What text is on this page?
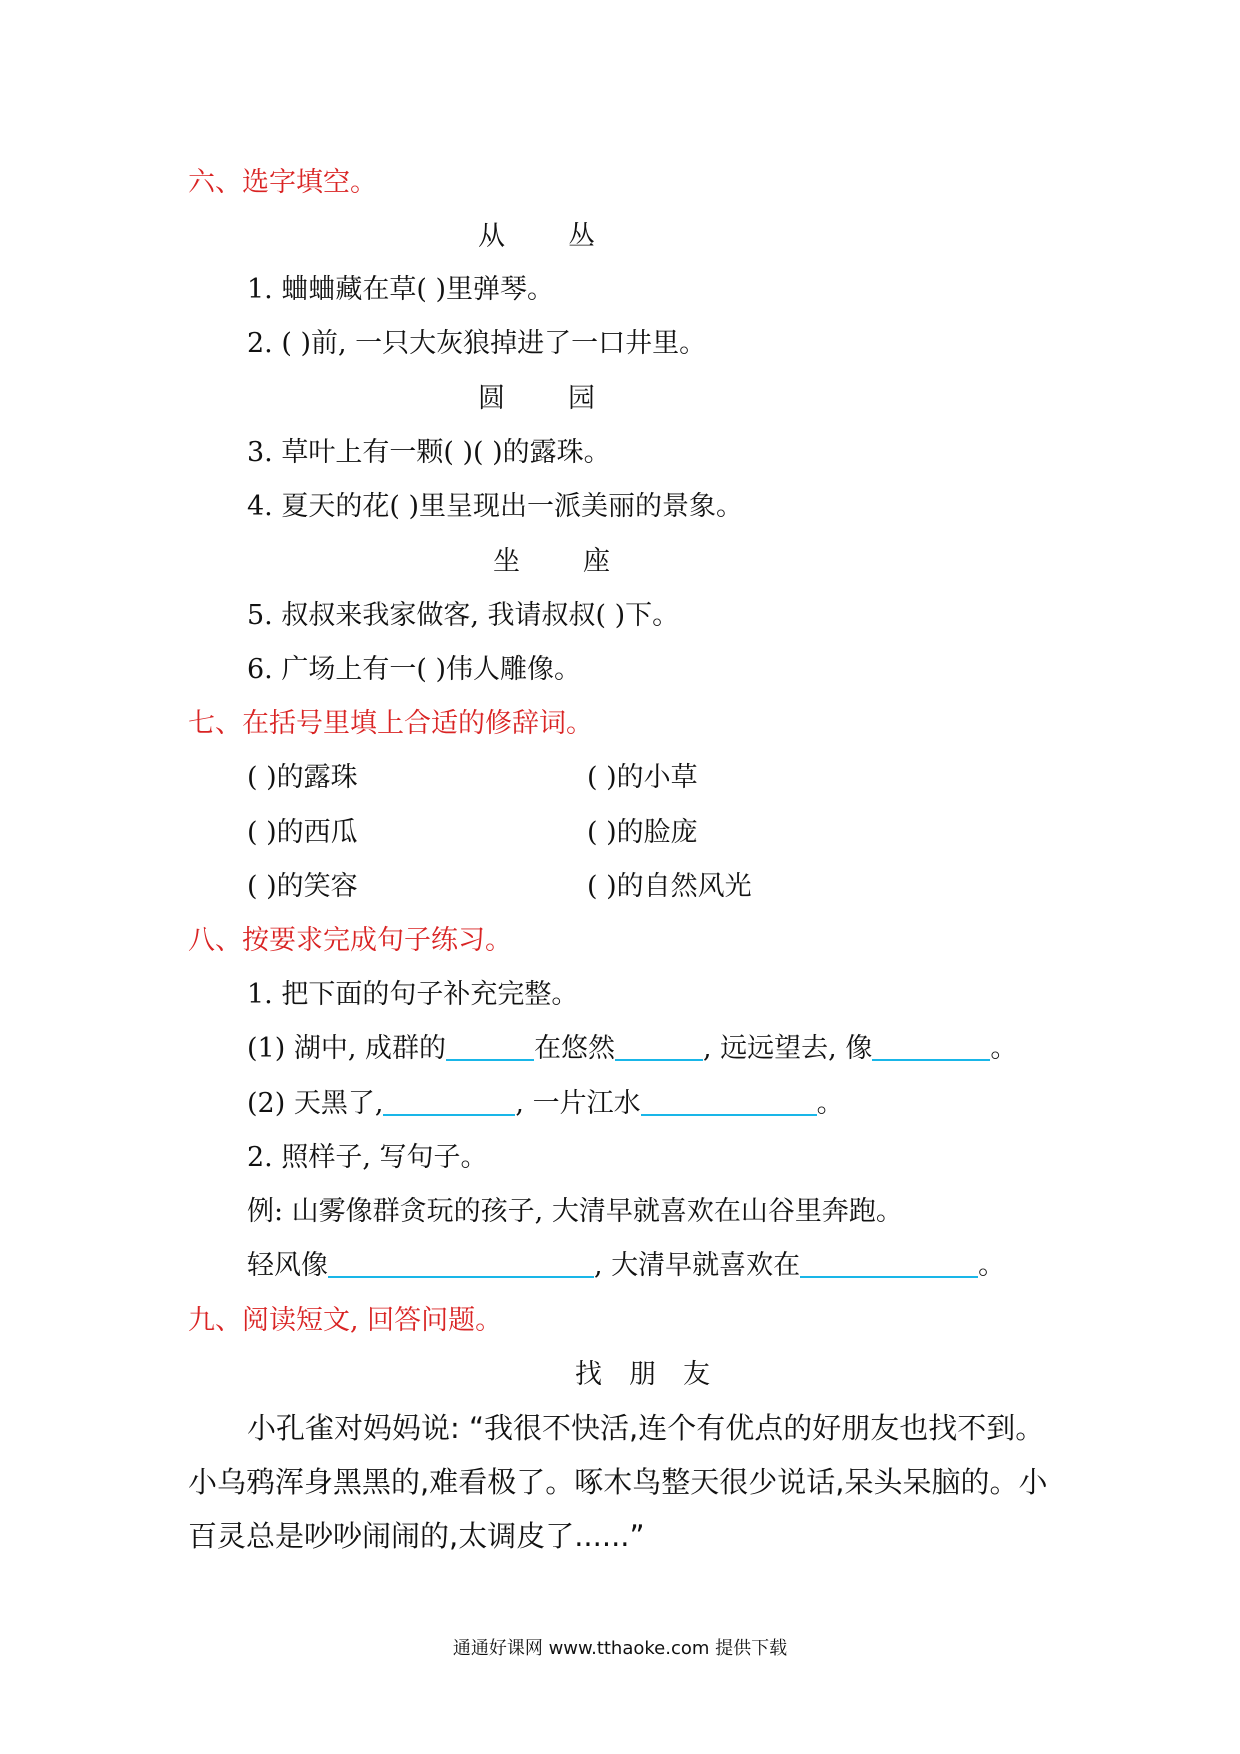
六、选字填空。
从 丛
1. 蛐蛐藏在草( )里弹琴。
2. ( )前, 一只大灰狼掉进了一口井里。
圆 园
3. 草叶上有一颗( )( )的露珠。
4. 夏天的花( )里呈现出一派美丽的景象。
坐 座
5. 叔叔来我家做客, 我请叔叔( )下。
6. 广场上有一( )伟人雕像。
七、在括号里填上合适的修辞词。
( )的露珠	( )的小草
( )的西瓜	( )的脸庞
( )的笑容	( )的自然风光
八、按要求完成句子练习。
1. 把下面的句子补充完整。
(1) 湖中, 成群的	在悠然	, 远远望去, 像	。
(2) 天黑了,	, 一片江水	。
2. 照样子, 写句子。
例: 山雾像群贪玩的孩子, 大清早就喜欢在山谷里奔跑。
轻风像	, 大清早就喜欢在	。
九、阅读短文, 回答问题。
找　朋　友
小孔雀对妈妈说: “我很不快活,连个有优点的好朋友也找不到。
小乌鸦浑身黑黑的,难看极了。啄木鸟整天很少说话,呆头呆脑的。小
百灵总是吵吵闹闹的,太调皮了......”
通通好课网 www.tthaoke.com 提供下载
